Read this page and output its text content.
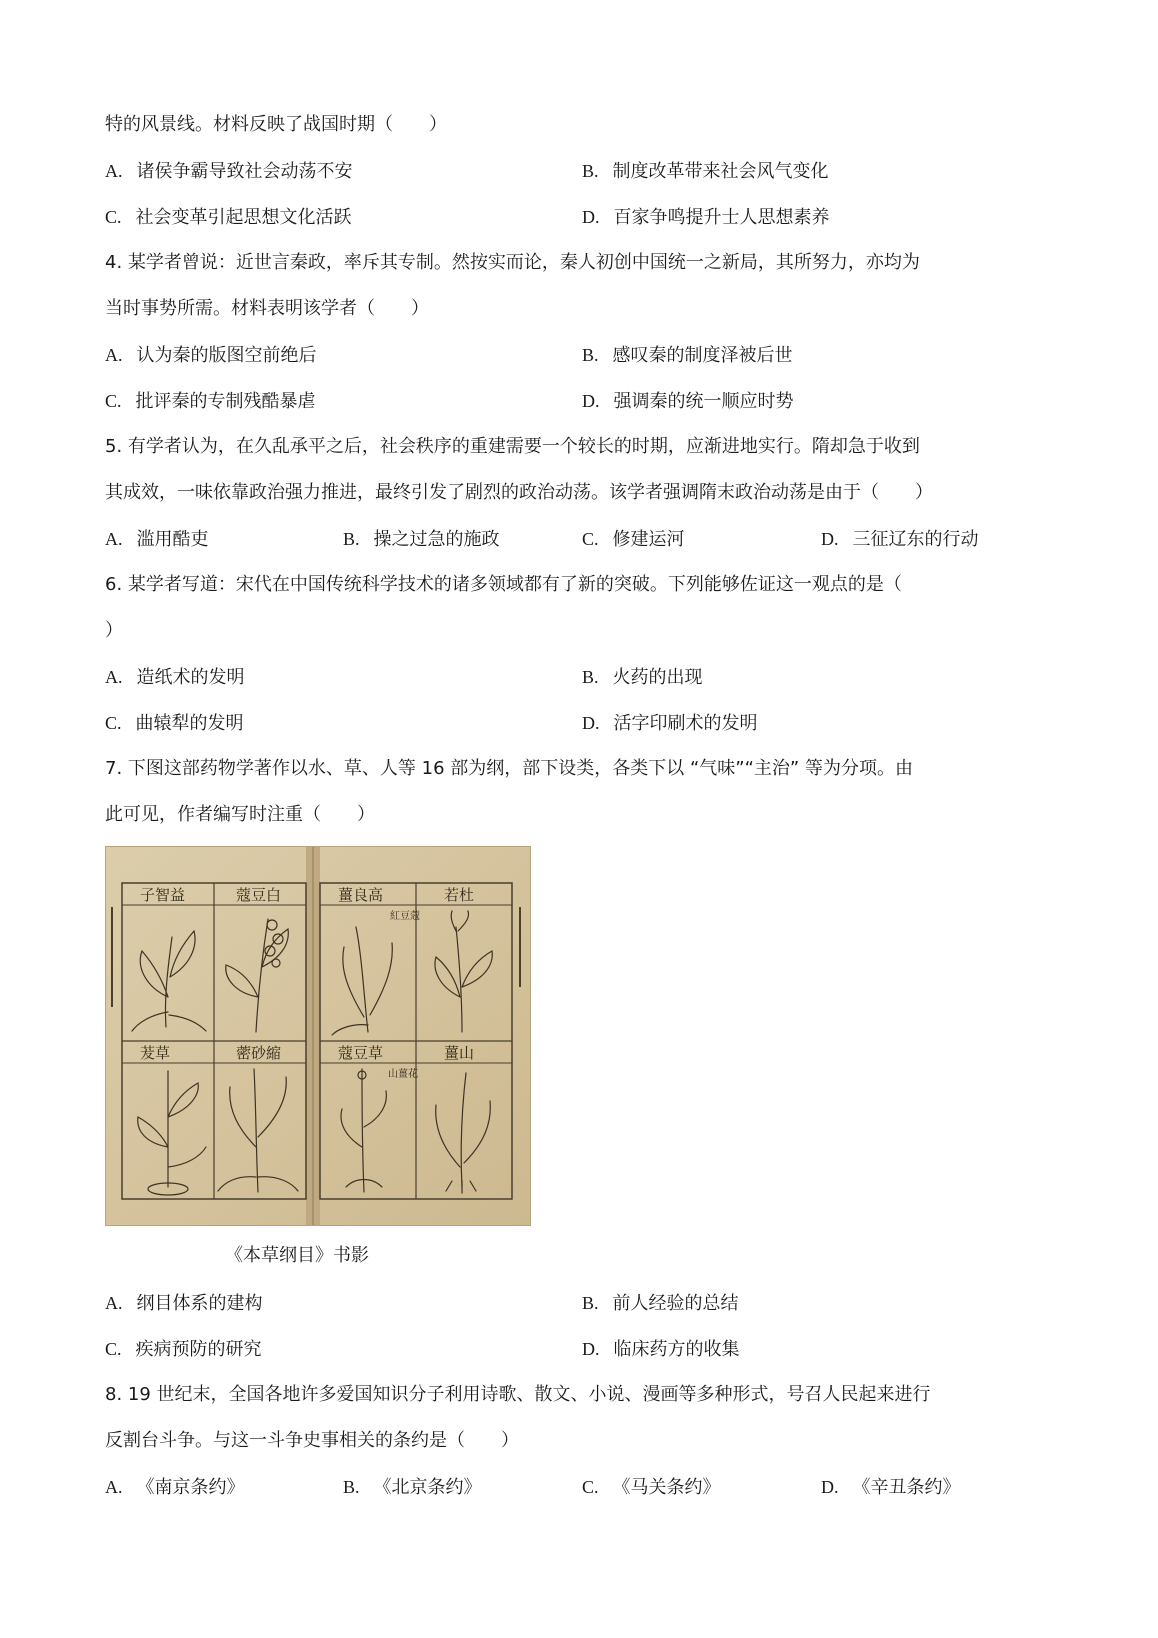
特的风景线。材料反映了战国时期（　　）
A. 诸侯争霸导致社会动荡不安	B. 制度改革带来社会风气变化
C. 社会变革引起思想文化活跃	D. 百家争鸣提升士人思想素养
4. 某学者曾说：近世言秦政，率斥其专制。然按实而论，秦人初创中国统一之新局，其所努力，亦均为
当时事势所需。材料表明该学者（　　）
A. 认为秦的版图空前绝后	B. 感叹秦的制度泽被后世
C. 批评秦的专制残酷暴虐	D. 强调秦的统一顺应时势
5. 有学者认为，在久乱承平之后，社会秩序的重建需要一个较长的时期，应渐进地实行。隋却急于收到
其成效，一味依靠政治强力推进，最终引发了剧烈的政治动荡。该学者强调隋末政治动荡是由于（　　）
A. 滥用酷吏	B. 操之过急的施政	C. 修建运河	D. 三征辽东的行动
6. 某学者写道：宋代在中国传统科学技术的诸多领域都有了新的突破。下列能够佐证这一观点的是（
）
A. 造纸术的发明	B. 火药的出现
C. 曲辕犁的发明	D. 活字印刷术的发明
7. 下图这部药物学著作以水、草、人等 16 部为纲，部下设类，各类下以 “气味”“主治” 等为分项。由
此可见，作者编写时注重（　　）
子智益	蔻豆白	薑良高	若杜
茇草	蔤砂縮	蔻豆草	薑山
紅豆蔻
山薑花
《本草纲目》书影
A. 纲目体系的建构	B. 前人经验的总结
C. 疾病预防的研究	D. 临床药方的收集
8. 19 世纪末，全国各地许多爱国知识分子利用诗歌、散文、小说、漫画等多种形式，号召人民起来进行
反割台斗争。与这一斗争史事相关的条约是（　　）
A. 《南京条约》	B. 《北京条约》	C. 《马关条约》	D. 《辛丑条约》
